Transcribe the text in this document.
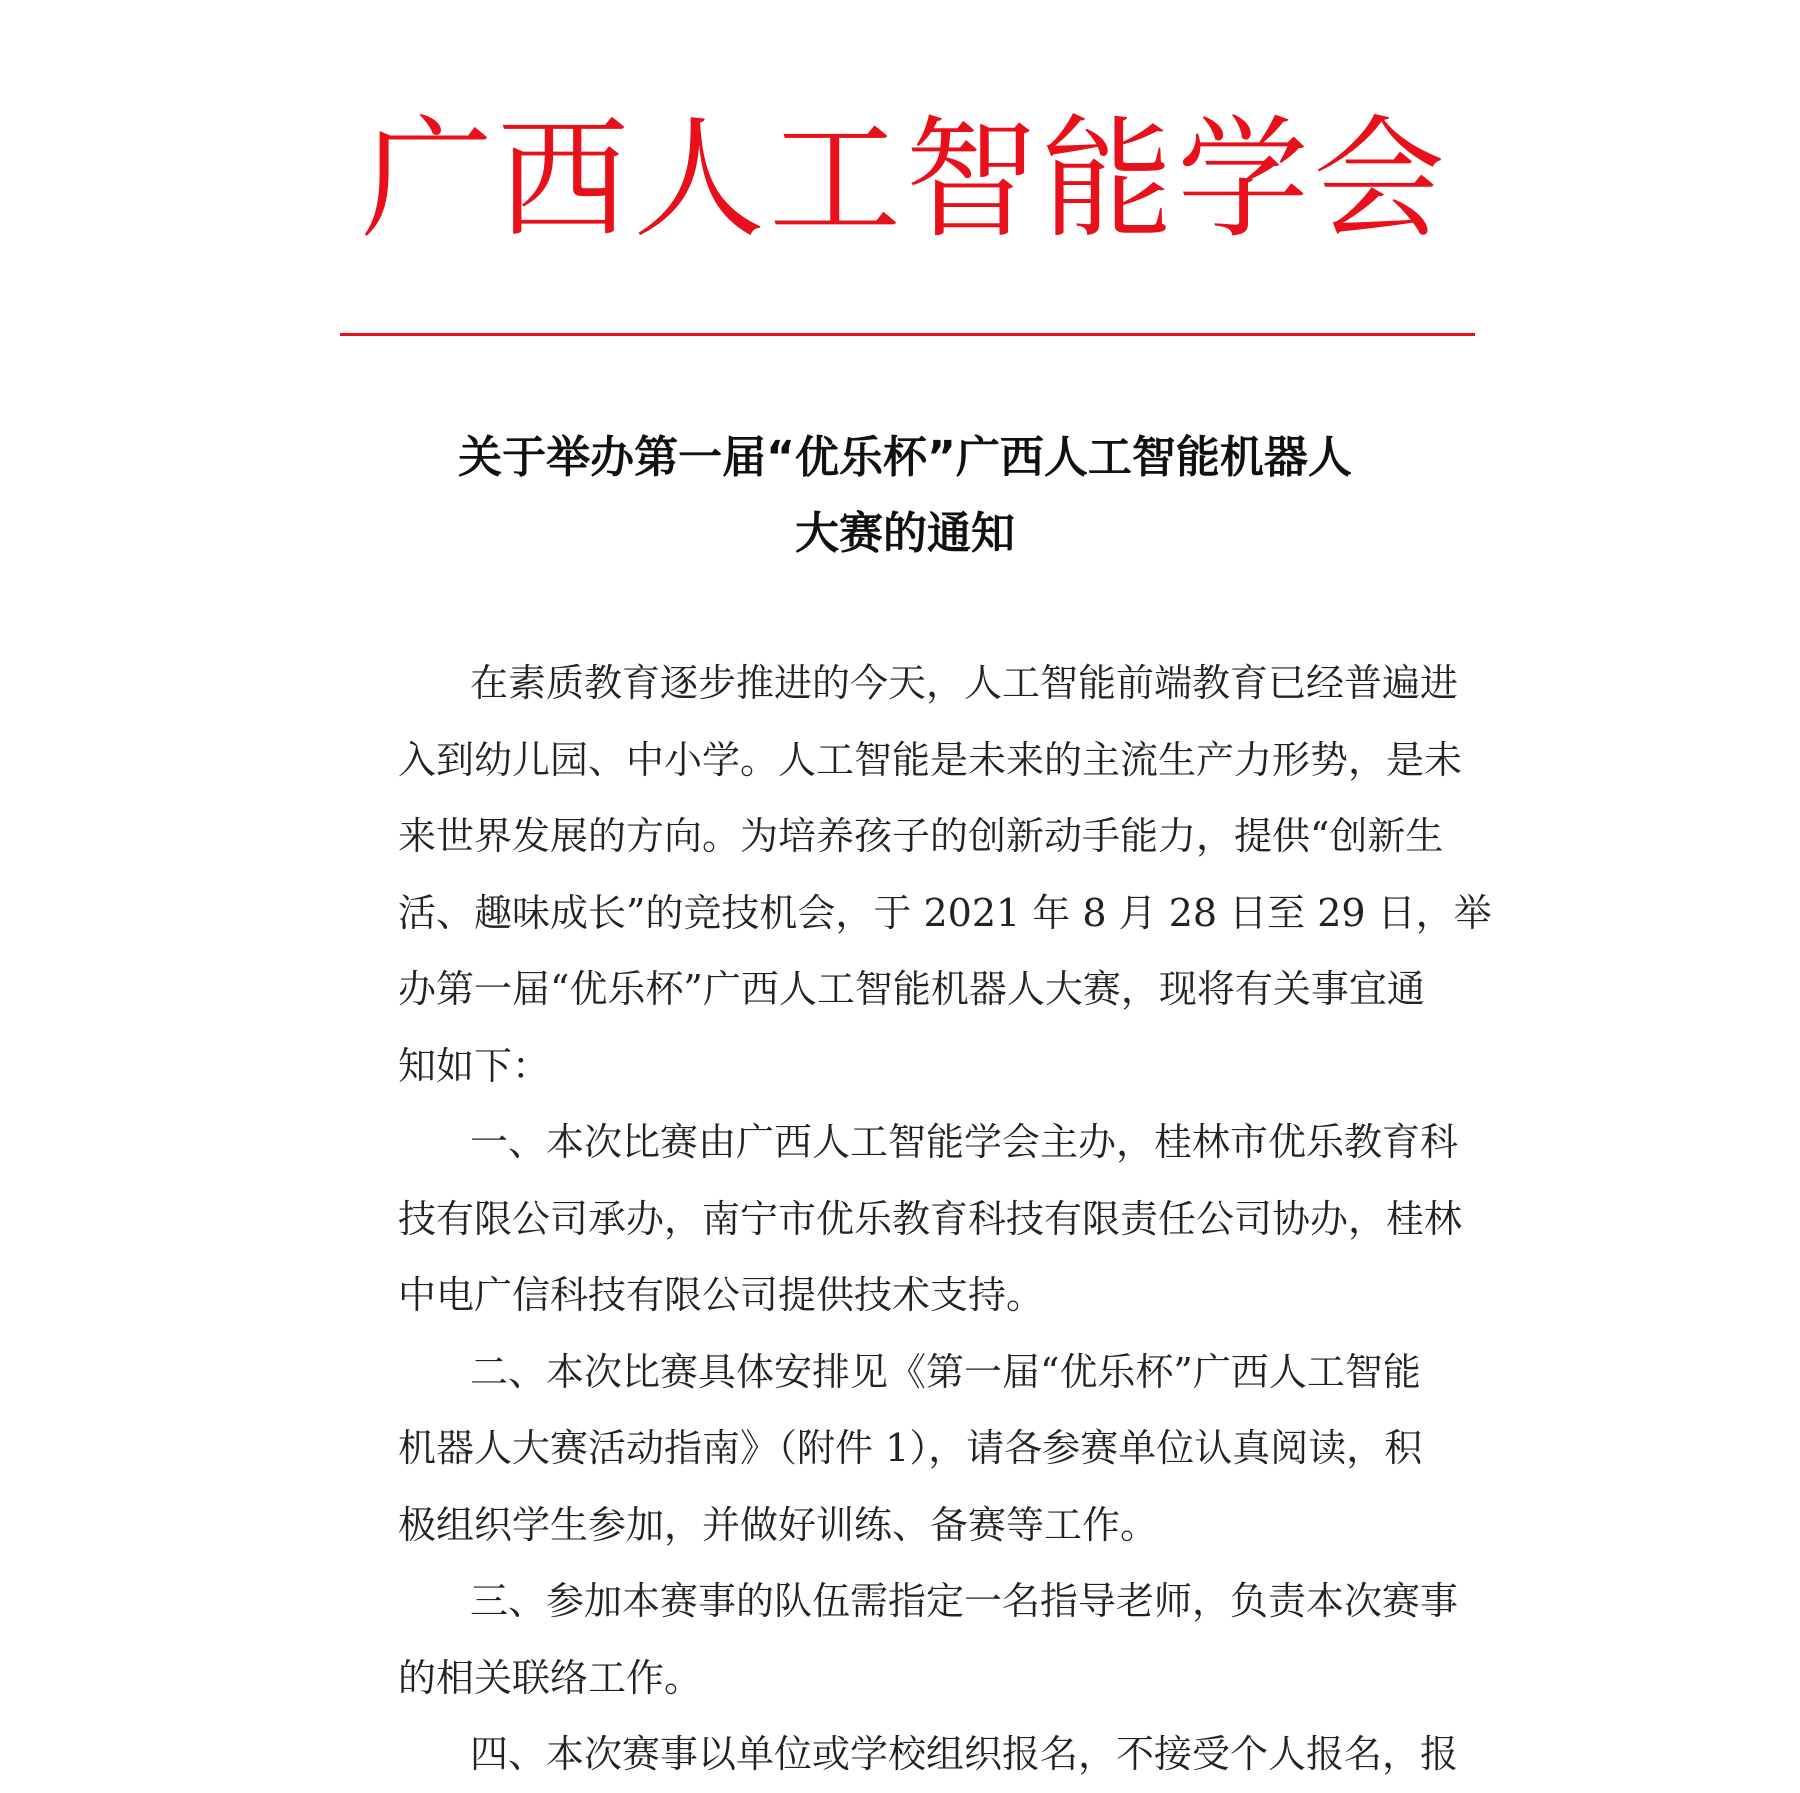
广西人工智能学会
关于举办第一届“优乐杯”广西人工智能机器人
大赛的通知
在素质教育逐步推进的今天，人工智能前端教育已经普遍进
入到幼儿园、中小学。人工智能是未来的主流生产力形势，是未
来世界发展的方向。为培养孩子的创新动手能力，提供“创新生
活、趣味成长”的竞技机会，于 2021 年 8 月 28 日至 29 日，举
办第一届“优乐杯”广西人工智能机器人大赛，现将有关事宜通
知如下：
一、本次比赛由广西人工智能学会主办，桂林市优乐教育科
技有限公司承办，南宁市优乐教育科技有限责任公司协办，桂林
中电广信科技有限公司提供技术支持。
二、本次比赛具体安排见《第一届“优乐杯”广西人工智能
机器人大赛活动指南》（附件 1），请各参赛单位认真阅读，积
极组织学生参加，并做好训练、备赛等工作。
三、参加本赛事的队伍需指定一名指导老师，负责本次赛事
的相关联络工作。
四、本次赛事以单位或学校组织报名，不接受个人报名，报
